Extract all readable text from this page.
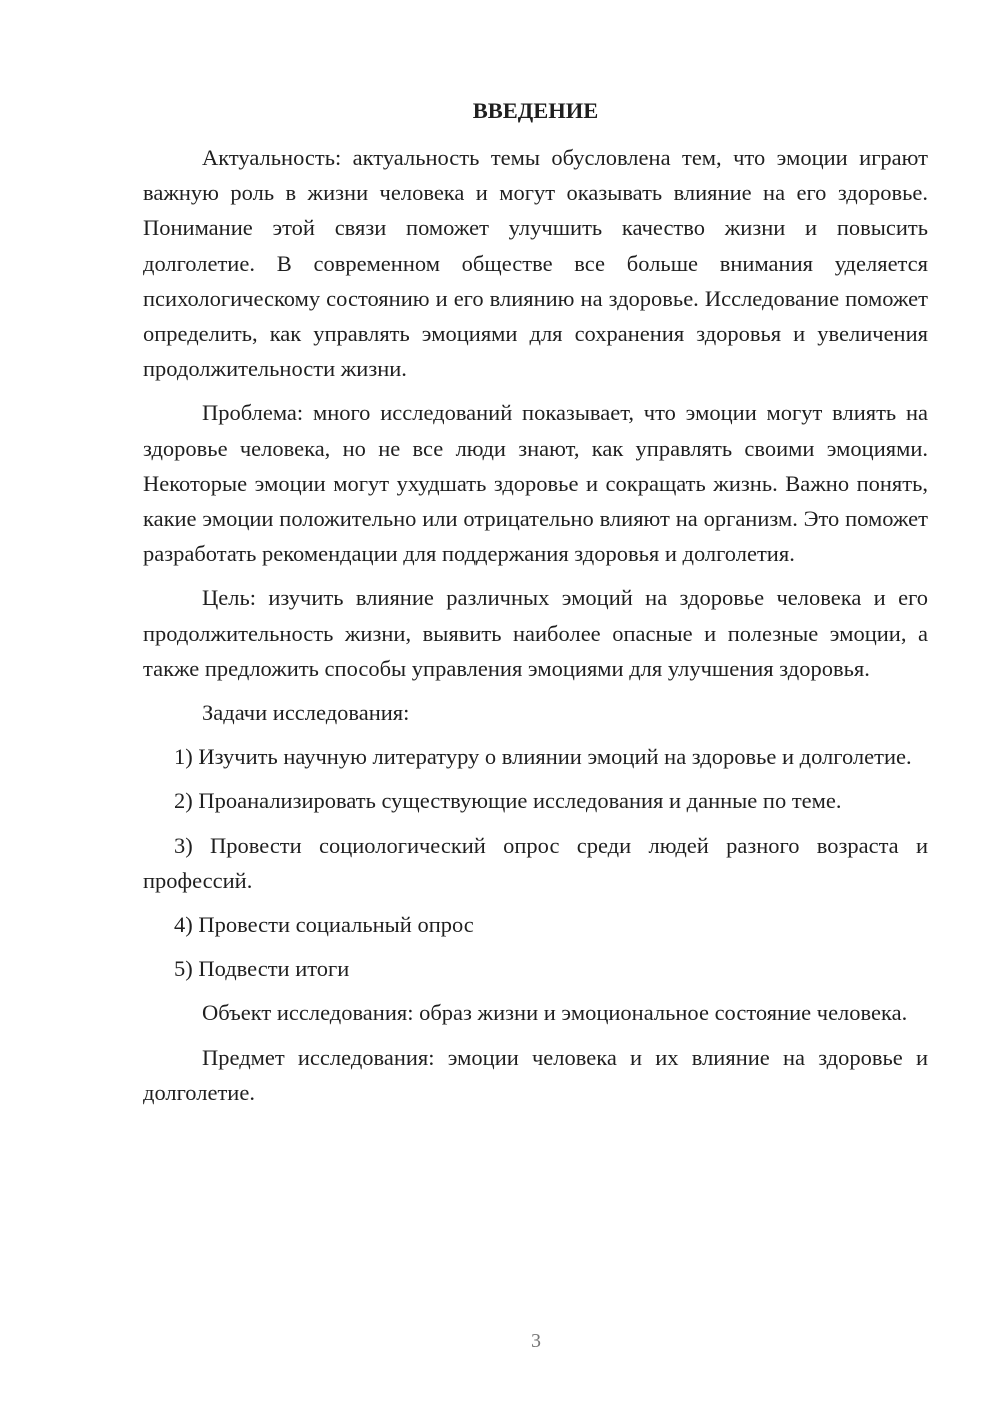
ВВЕДЕНИЕ

Актуальность: актуальность темы обусловлена тем, что эмоции играют важную роль в жизни человека и могут оказывать влияние на его здоровье. Понимание этой связи поможет улучшить качество жизни и повысить долголетие. В современном обществе все больше внимания уделяется психологическому состоянию и его влиянию на здоровье. Исследование поможет определить, как управлять эмоциями для сохранения здоровья и увеличения продолжительности жизни.

Проблема: много исследований показывает, что эмоции могут влиять на здоровье человека, но не все люди знают, как управлять своими эмоциями. Некоторые эмоции могут ухудшать здоровье и сокращать жизнь. Важно понять, какие эмоции положительно или отрицательно влияют на организм. Это поможет разработать рекомендации для поддержания здоровья и долголетия.

Цель: изучить влияние различных эмоций на здоровье человека и его продолжительность жизни, выявить наиболее опасные и полезные эмоции, а также предложить способы управления эмоциями для улучшения здоровья.

Задачи исследования:

1) Изучить научную литературу о влиянии эмоций на здоровье и долголетие.

2) Проанализировать существующие исследования и данные по теме.

3) Провести социологический опрос среди людей разного возраста и профессий.

4) Провести социальный опрос

5) Подвести итоги

Объект исследования: образ жизни и эмоциональное состояние человека.

Предмет исследования: эмоции человека и их влияние на здоровье и долголетие.

3
